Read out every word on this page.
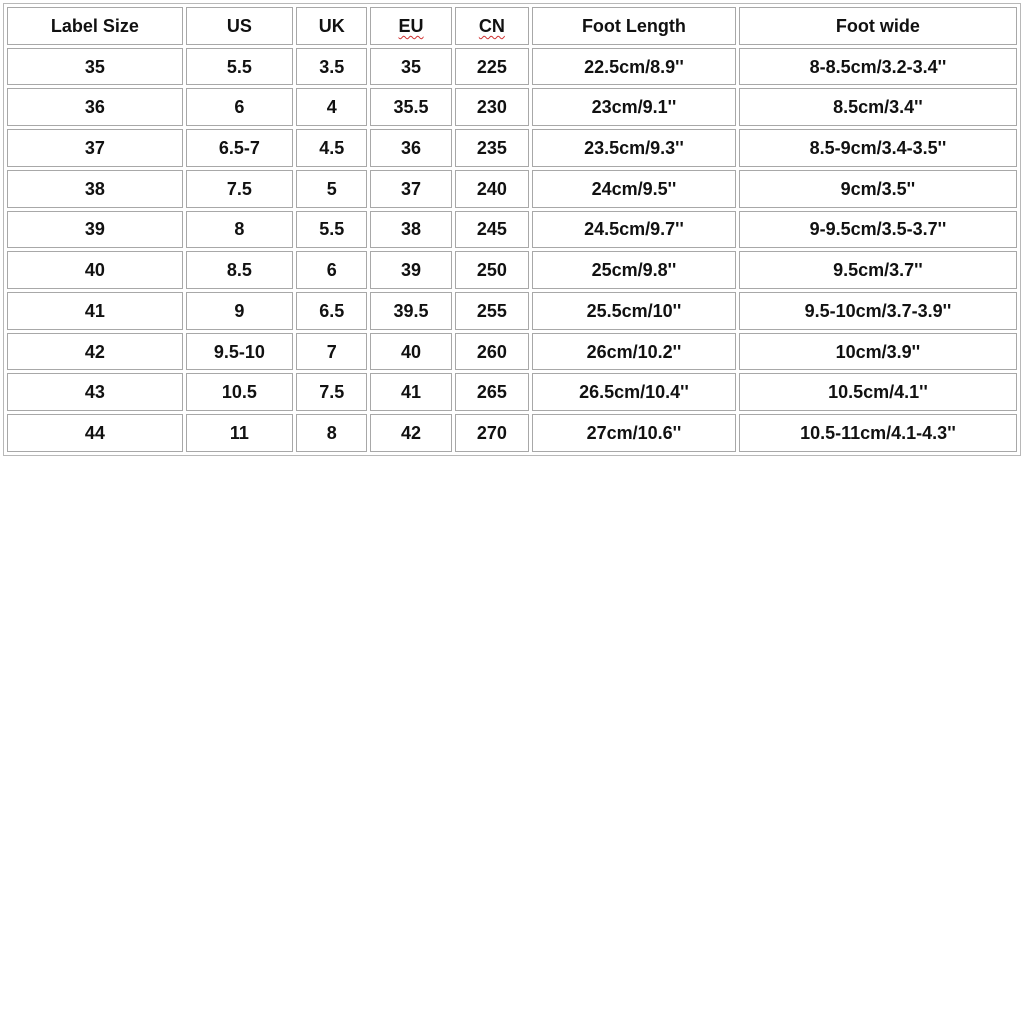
Label Size	US	UK	EU	CN	Foot Length	Foot wide
35	5.5	3.5	35	225	22.5cm/8.9''	8-8.5cm/3.2-3.4''
36	6	4	35.5	230	23cm/9.1''	8.5cm/3.4''
37	6.5-7	4.5	36	235	23.5cm/9.3''	8.5-9cm/3.4-3.5''
38	7.5	5	37	240	24cm/9.5''	9cm/3.5''
39	8	5.5	38	245	24.5cm/9.7''	9-9.5cm/3.5-3.7''
40	8.5	6	39	250	25cm/9.8''	9.5cm/3.7''
41	9	6.5	39.5	255	25.5cm/10''	9.5-10cm/3.7-3.9''
42	9.5-10	7	40	260	26cm/10.2''	10cm/3.9''
43	10.5	7.5	41	265	26.5cm/10.4''	10.5cm/4.1''
44	11	8	42	270	27cm/10.6''	10.5-11cm/4.1-4.3''
